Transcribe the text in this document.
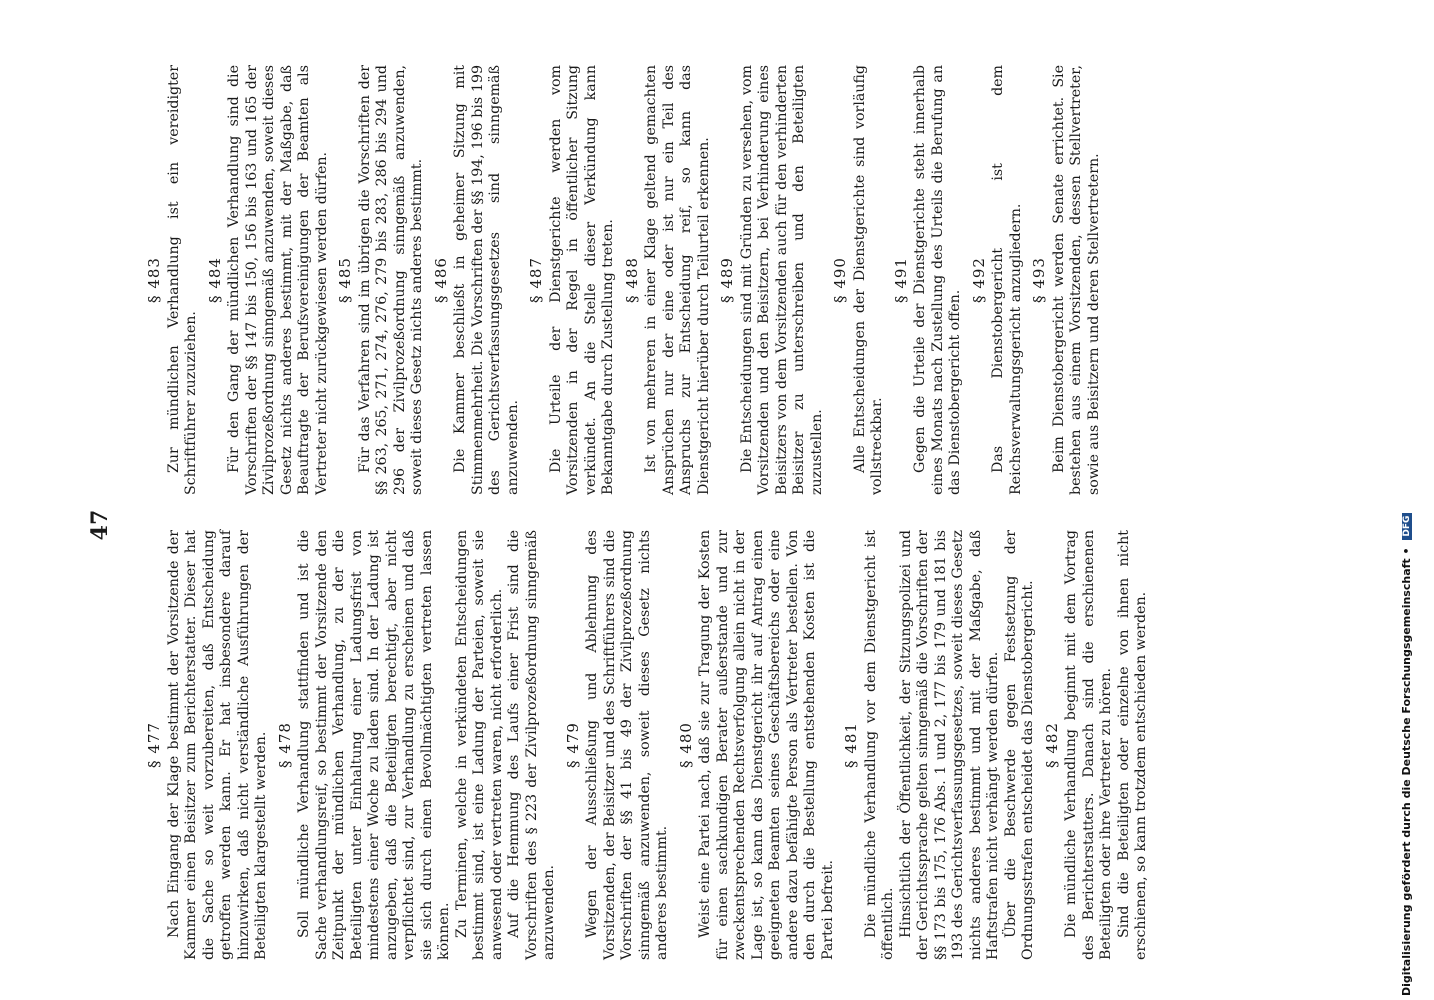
47
§ 477 Nach Eingang der Klage bestimmt der Vorsitzende der Kammer einen Beisitzer zum Berichterstatter. Dieser hat die Sache so weit vorzubereiten, daß Entscheidung getroffen werden kann. Er hat insbesondere darauf hinzuwirken, daß nicht verständliche Ausführungen der Beteiligten klargestellt werden. § 478 Soll mündliche Verhandlung stattfinden und ist die Sache verhandlungsreif, so bestimmt der Vorsitzende den Zeitpunkt der mündlichen Verhandlung, zu der die Beteiligten unter Einhaltung einer Ladungsfrist von mindestens einer Woche zu laden sind. In der Ladung ist anzugeben, daß die Beteiligten berechtigt, aber nicht verpflichtet sind, zur Verhandlung zu erscheinen und daß sie sich durch einen Bevollmächtigten vertreten lassen können. Zu Terminen, welche in verkündeten Entscheidungen bestimmt sind, ist eine Ladung der Parteien, soweit sie anwesend oder vertreten waren, nicht erforderlich. Auf die Hemmung des Laufs einer Frist sind die Vorschriften des § 223 der Zivilprozeßordnung sinngemäß anzuwenden.

§ 479 Wegen der Ausschließung und Ablehnung des Vorsitzenden, der Beisitzer und des Schriftführers sind die Vorschriften der §§ 41 bis 49 der Zivilprozeßordnung sinngemäß anzuwenden, soweit dieses Gesetz nichts anderes bestimmt.

§ 480 Weist eine Partei nach, daß sie zur Tragung der Kosten für einen sachkundigen Berater außerstande und zur zweckentsprechenden Rechtsverfolgung allein nicht in der Lage ist, so kann das Dienstgericht ihr auf Antrag einen geeigneten Beamten seines Geschäftsbereichs oder eine andere dazu befähigte Person als Vertreter bestellen. Von den durch die Bestellung entstehenden Kosten ist die Partei befreit.

§ 481 Die mündliche Verhandlung vor dem Dienstgericht ist öffentlich. Hinsichtlich der Öffentlichkeit, der Sitzungspolizei und der Gerichtssprache gelten sinngemäß die Vorschriften der §§ 173 bis 175, 176 Abs. 1 und 2, 177 bis 179 und 181 bis 193 des Gerichtsverfassungsgesetzes, soweit dieses Gesetz nichts anderes bestimmt und mit der Maßgabe, daß Haftstrafen nicht verhängt werden dürfen. Über die Beschwerde gegen Festsetzung der Ordnungsstrafen entscheidet das Dienstobergericht. § 482 Die mündliche Verhandlung beginnt mit dem Vortrag des Berichterstatters. Danach sind die erschienenen Beteiligten oder ihre Vertreter zu hören. Sind die Beteiligten oder einzelne von ihnen nicht erschienen, so kann trotzdem entschieden werden.

§ 483 Zur mündlichen Verhandlung ist ein vereidigter Schriftführer zuzuziehen.

§ 484 Für den Gang der mündlichen Verhandlung sind die Vorschriften der §§ 147 bis 150, 156 bis 163 und 165 der Zivilprozeßordnung sinngemäß anzuwenden, soweit dieses Gesetz nichts anderes bestimmt, mit der Maßgabe, daß Beauftragte der Berufsvereinigungen der Beamten als Vertreter nicht zurückgewiesen werden dürfen. § 485 Für das Verfahren sind im übrigen die Vorschriften der §§ 263, 265, 271, 274, 276, 279 bis 283, 286 bis 294 und 296 der Zivilprozeßordnung sinngemäß anzuwenden, soweit dieses Gesetz nichts anderes bestimmt. § 486 Die Kammer beschließt in geheimer Sitzung mit Stimmenmehrheit. Die Vorschriften der §§ 194, 196 bis 199 des Gerichtsverfassungsgesetzes sind sinngemäß anzuwenden.

§ 487 Die Urteile der Dienstgerichte werden vom Vorsitzenden in der Regel in öffentlicher Sitzung verkündet. An die Stelle dieser Verkündung kann Bekanntgabe durch Zustellung treten. § 488 Ist von mehreren in einer Klage geltend gemachten Ansprüchen nur der eine oder ist nur ein Teil des Anspruchs zur Entscheidung reif, so kann das Dienstgericht hierüber durch Teilurteil erkennen. § 489 Die Entscheidungen sind mit Gründen zu versehen, vom Vorsitzenden und den Beisitzern, bei Verhinderung eines Beisitzers von dem Vorsitzenden auch für den verhinderten Beisitzer zu unterschreiben und den Beteiligten zuzustellen.

§ 490 Alle Entscheidungen der Dienstgerichte sind vorläufig vollstreckbar.

§ 491 Gegen die Urteile der Dienstgerichte steht innerhalb eines Monats nach Zustellung des Urteils die Berufung an das Dienstobergericht offen.

§ 492 Das Dienstobergericht ist dem Reichsverwaltungsgericht anzugliedern. § 493 Beim Dienstobergericht werden Senate errichtet. Sie bestehen aus einem Vorsitzenden, dessen Stellvertreter, sowie aus Beisitzern und deren Stellvertretern.

Digitalisierung gefördert durch die Deutsche Forschungsgemeinschaft • DFG
